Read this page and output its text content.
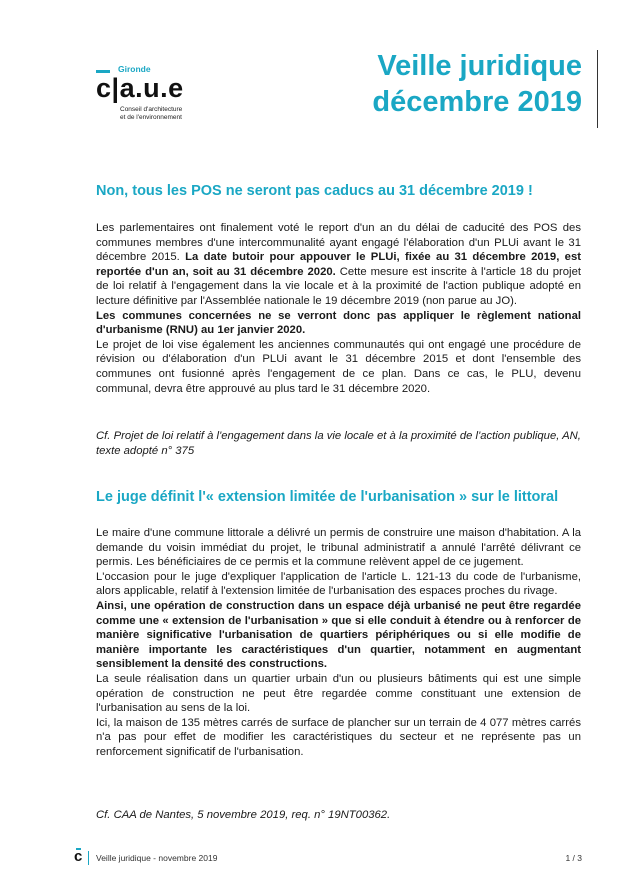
Gironde
c|a.u.e
Conseil d'architecture
et de l'environnement
Veille juridique
décembre 2019
Non, tous les POS ne seront pas caducs au 31 décembre 2019 !

Les parlementaires ont finalement voté le report d'un an du délai de caducité des POS des communes membres d'une intercommunalité ayant engagé l'élaboration d'un PLUi avant le 31 décembre 2015. La date butoir pour appouver le PLUi, fixée au 31 décembre 2019, est reportée d'un an, soit au 31 décembre 2020. Cette mesure est inscrite à l'article 18 du projet de loi relatif à l'engagement dans la vie locale et à la proximité de l'action publique adopté en lecture définitive par l'Assemblée nationale le 19 décembre 2019 (non parue au JO).

Les communes concernées ne se verront donc pas appliquer le règlement national d'urbanisme (RNU) au 1er janvier 2020.

Le projet de loi vise également les anciennes communautés qui ont engagé une procédure de révision ou d'élaboration d'un PLUi avant le 31 décembre 2015 et dont l'ensemble des communes ont fusionné après l'engagement de ce plan. Dans ce cas, le PLU, devenu communal, devra être approuvé au plus tard le 31 décembre 2020.

Cf. Projet de loi relatif à l'engagement dans la vie locale et à la proximité de l'action publique, AN, texte adopté n° 375
Le juge définit l'« extension limitée de l'urbanisation » sur le littoral

Le maire d'une commune littorale a délivré un permis de construire une maison d'habitation. A la demande du voisin immédiat du projet, le tribunal administratif a annulé l'arrêté délivrant ce permis. Les bénéficiaires de ce permis et la commune relèvent appel de ce jugement.

L'occasion pour le juge d'expliquer l'application de l'article L. 121-13 du code de l'urbanisme, alors applicable, relatif à l'extension limitée de l'urbanisation des espaces proches du rivage.

Ainsi, une opération de construction dans un espace déjà urbanisé ne peut être regardée comme une « extension de l'urbanisation » que si elle conduit à étendre ou à renforcer de manière significative l'urbanisation de quartiers périphériques ou si elle modifie de manière importante les caractéristiques d'un quartier, notamment en augmentant sensiblement la densité des constructions.

La seule réalisation dans un quartier urbain d'un ou plusieurs bâtiments qui est une simple opération de construction ne peut être regardée comme constituant une extension de l'urbanisation au sens de la loi.

Ici, la maison de 135 mètres carrés de surface de plancher sur un terrain de 4 077 mètres carrés n'a pas pour effet de modifier les caractéristiques du secteur et ne représente pas un renforcement significatif de l'urbanisation.

Cf. CAA de Nantes, 5 novembre 2019, req. n° 19NT00362.
c Veille juridique - novembre 2019	1 / 3
